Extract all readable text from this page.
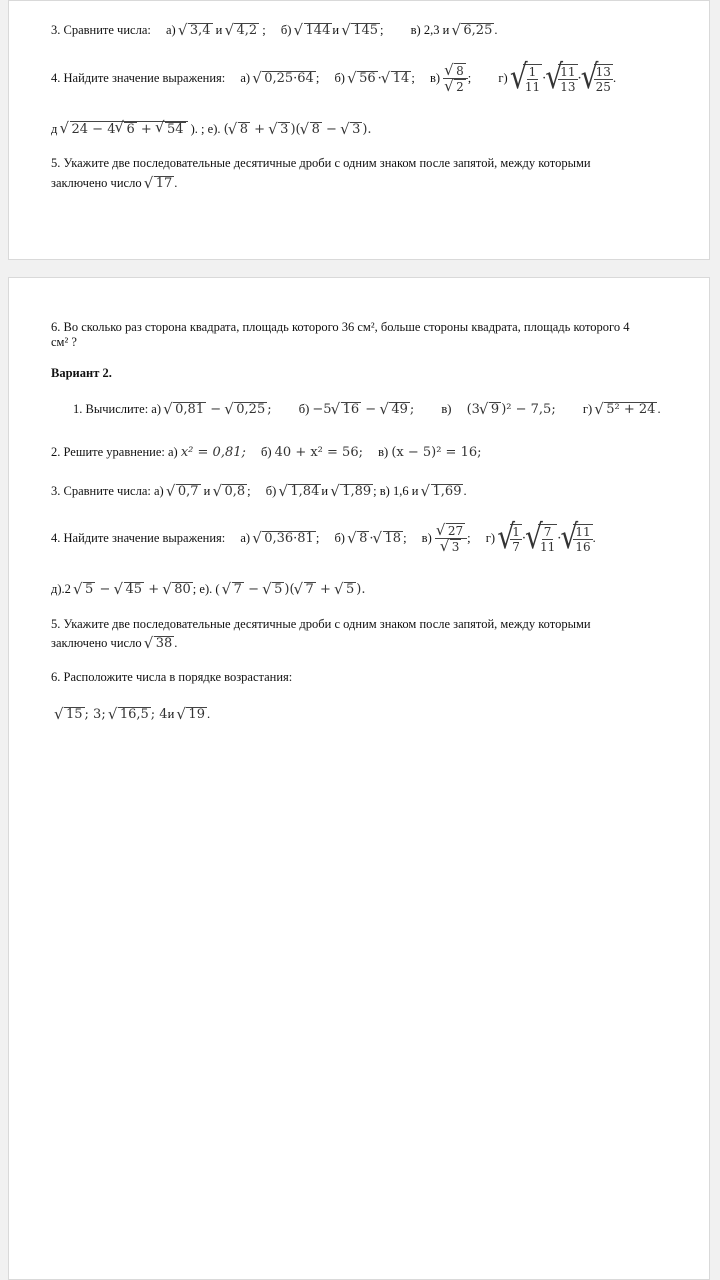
3. Сравните числа: а) √ 3,4 и √ 4,2 ; б) √ 144 и √ 145 ; в) 2,3 и √ 6,25 .
4. Найдите значение выражения: а) √ 0,25·64 ; б) √ 56 · √ 14 ; в) √ 8
√ 2 ; г) √ $\frac{1}{11}$ · √ $\frac{11}{13}$ · √ $\frac{13}{25}$ .
д √ 24 − 4 √ 6 + √ 54 ). ; е). ( √ 8 + √ 3 )( √ 8 − √ 3 ).
5. Укажите две последовательные десятичные дроби с одним знаком после запятой, между которыми
заключено число √ 17 .
6. Во сколько раз сторона квадрата, площадь которого 36 см², больше стороны квадрата, площадь которого 4
см² ?
Вариант 2.
1. Вычислите: а) √ 0,81 − √ 0,25 ; б) −5 √ 16 − √ 49 ; в) (3 √ 9 )² − 7,5; г) √ 5² + 24 .
2. Решите уравнение: а) x² = 0,81; б) 40 + x² = 56; в) (x − 5)² = 16;
3. Сравните числа: а) √ 0,7 и √ 0,8 ; б) √ 1,84 и √ 1,89 ; в) 1,6 и √ 1,69 .
4. Найдите значение выражения: а) √ 0,36·81 ; б) √ 8 · √ 18 ; в) √ 27
√ 3 ; г) √ $\frac{1}{7}$ · √ $\frac{7}{11}$ · √ $\frac{11}{16}$ .
д).2 √ 5 − √ 45 + √ 80 ; е). ( √ 7 − √ 5 )( √ 7 + √ 5 ).
5. Укажите две последовательные десятичные дроби с одним знаком после запятой, между которыми
заключено число √ 38 .
6. Расположите числа в порядке возрастания:
√ 15 ; 3; √ 16,5 ; 4и √ 19 .
